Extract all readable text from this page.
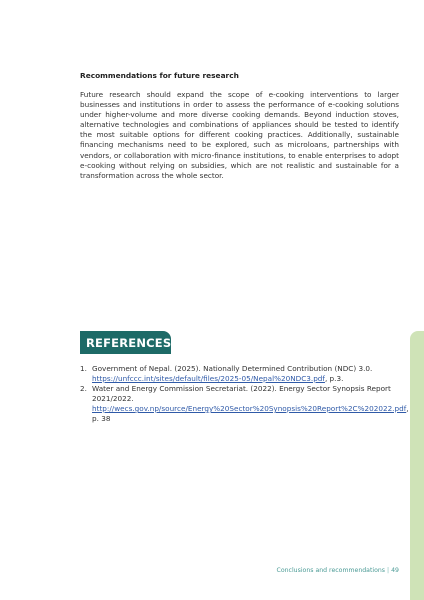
Recommendations for future research
Future research should expand the scope of e-cooking interventions to larger businesses and institutions in order to assess the performance of e-cooking solutions under higher-volume and more diverse cooking demands. Beyond induction stoves, alternative technologies and combinations of appliances should be tested to identify the most suitable options for different cooking practices. Additionally, sustainable financing mechanisms need to be explored, such as microloans, partnerships with vendors, or collaboration with micro-finance institutions, to enable enterprises to adopt e-cooking without relying on subsidies, which are not realistic and sustainable for a transformation across the whole sector.
REFERENCES
1. Government of Nepal. (2025). Nationally Determined Contribution (NDC) 3.0. https://unfccc.int/sites/default/files/2025-05/Nepal%20NDC3.pdf, p.3.
2. Water and Energy Commission Secretariat. (2022). Energy Sector Synopsis Report 2021/2022. http://wecs.gov.np/source/Energy%20Sector%20Synopsis%20Report%2C%202022.pdf, p. 38
Conclusions and recommendations | 49
